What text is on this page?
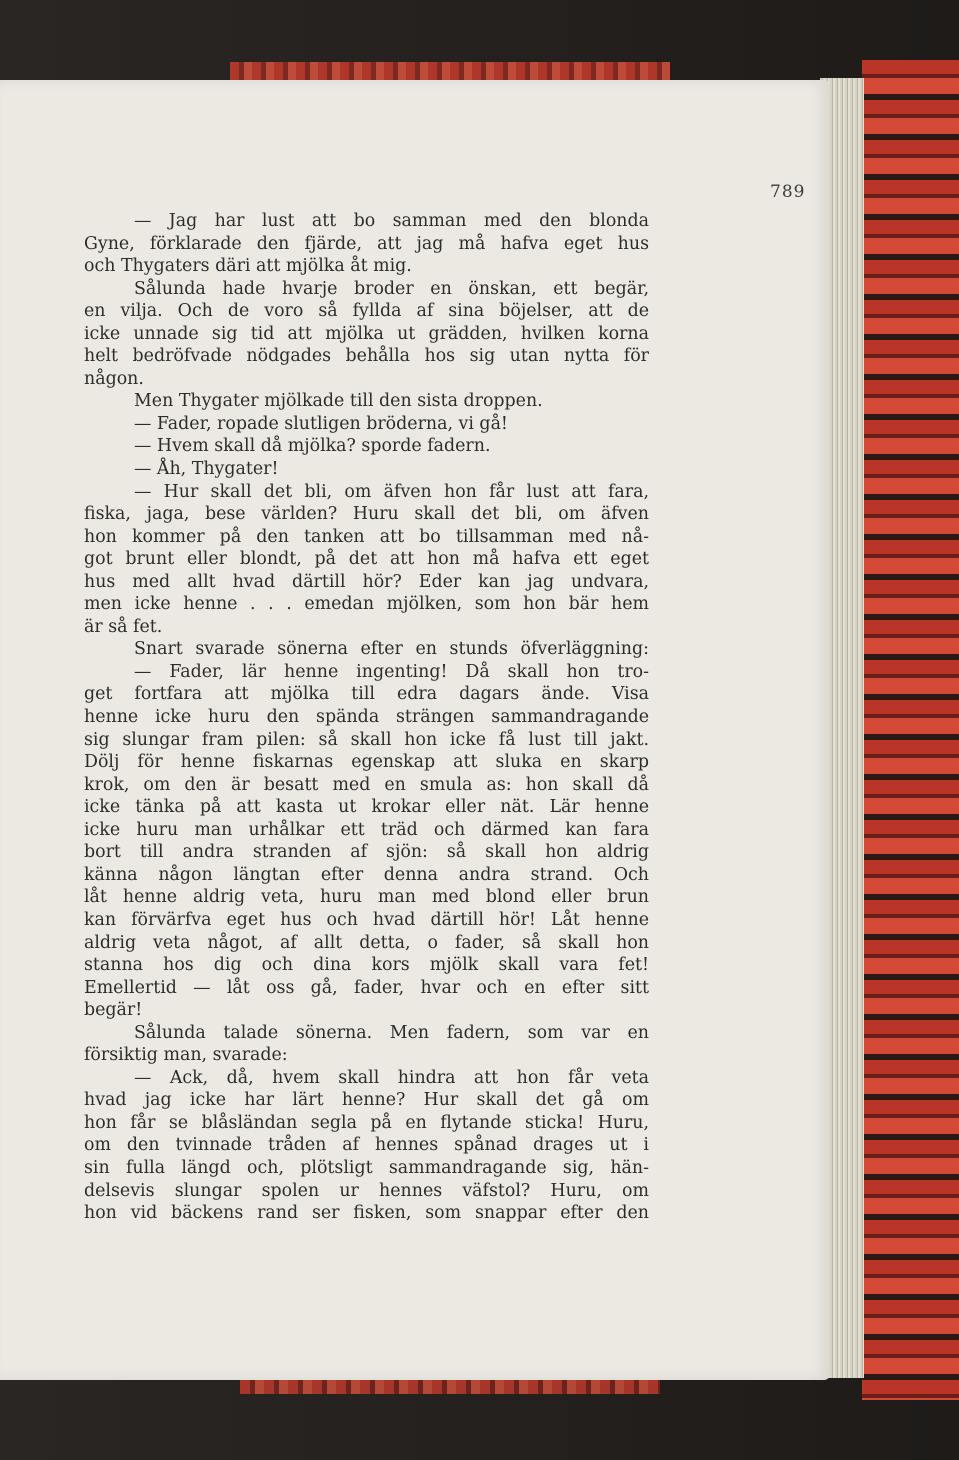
789
— Jag har lust att bo samman med den blonda
Gyne, förklarade den fjärde, att jag må hafva eget hus
och Thygaters däri att mjölka åt mig.
Sålunda hade hvarje broder en önskan, ett begär,
en vilja. Och de voro så fyllda af sina böjelser, att de
icke unnade sig tid att mjölka ut grädden, hvilken korna
helt bedröfvade nödgades behålla hos sig utan nytta för
någon.
Men Thygater mjölkade till den sista droppen.
— Fader, ropade slutligen bröderna, vi gå!
— Hvem skall då mjölka? sporde fadern.
— Åh, Thygater!
— Hur skall det bli, om äfven hon får lust att fara,
fiska, jaga, bese världen? Huru skall det bli, om äfven
hon kommer på den tanken att bo tillsamman med nå-
got brunt eller blondt, på det att hon må hafva ett eget
hus med allt hvad därtill hör? Eder kan jag undvara,
men icke henne . . . emedan mjölken, som hon bär hem
är så fet.
Snart svarade sönerna efter en stunds öfverläggning:
— Fader, lär henne ingenting! Då skall hon tro-
get fortfara att mjölka till edra dagars ände. Visa
henne icke huru den spända strängen sammandragande
sig slungar fram pilen: så skall hon icke få lust till jakt.
Dölj för henne fiskarnas egenskap att sluka en skarp
krok, om den är besatt med en smula as: hon skall då
icke tänka på att kasta ut krokar eller nät. Lär henne
icke huru man urhålkar ett träd och därmed kan fara
bort till andra stranden af sjön: så skall hon aldrig
känna någon längtan efter denna andra strand. Och
låt henne aldrig veta, huru man med blond eller brun
kan förvärfva eget hus och hvad därtill hör! Låt henne
aldrig veta något, af allt detta, o fader, så skall hon
stanna hos dig och dina kors mjölk skall vara fet!
Emellertid — låt oss gå, fader, hvar och en efter sitt
begär!
Sålunda talade sönerna. Men fadern, som var en
försiktig man, svarade:
— Ack, då, hvem skall hindra att hon får veta
hvad jag icke har lärt henne? Hur skall det gå om
hon får se blåsländan segla på en flytande sticka! Huru,
om den tvinnade tråden af hennes spånad drages ut i
sin fulla längd och, plötsligt sammandragande sig, hän-
delsevis slungar spolen ur hennes väfstol? Huru, om
hon vid bäckens rand ser fisken, som snappar efter den
